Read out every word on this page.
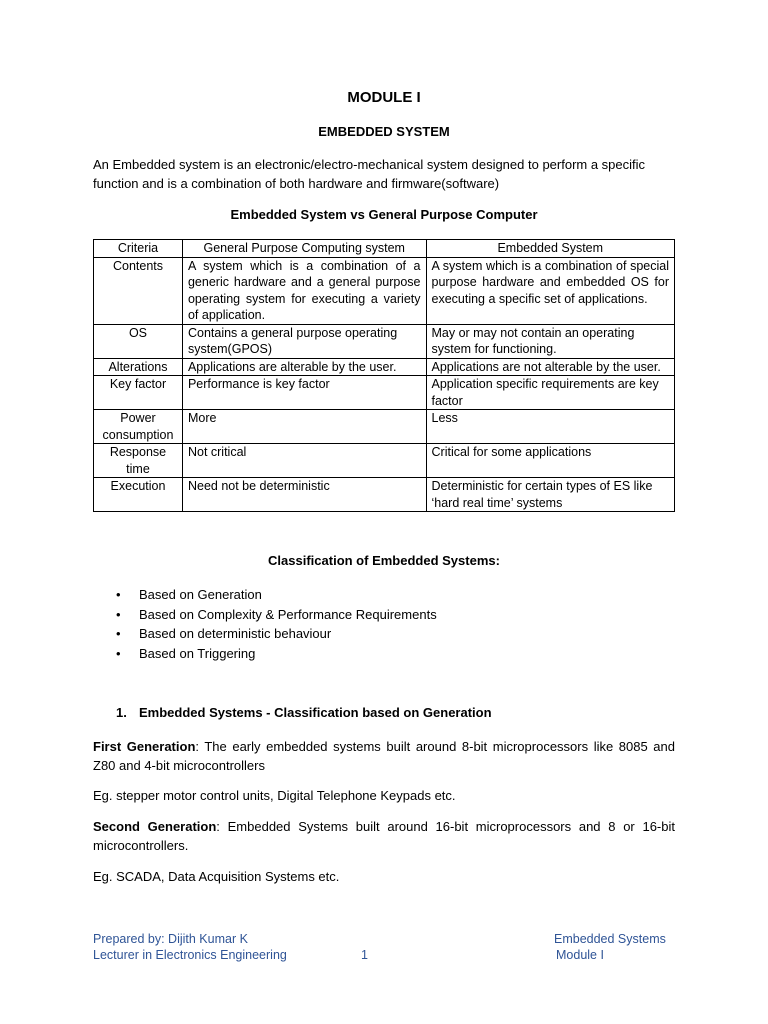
MODULE I
EMBEDDED SYSTEM
An Embedded system is an electronic/electro-mechanical system designed to perform a specific function and is a combination of both hardware and firmware(software)
Embedded System vs General Purpose Computer
Criteria	General Purpose Computing system	Embedded System
Contents	A system which is a combination of a generic hardware and a general purpose operating system for executing a variety of application.	A system which is a combination of special purpose hardware and embedded OS for executing a specific set of applications.
OS	Contains a general purpose operating system(GPOS)	May or may not contain an operating system for functioning.
Alterations	Applications are alterable by the user.	Applications are not alterable by the user.
Key factor	Performance is key factor	Application specific requirements are key factor
Power consumption	More	Less
Response time	Not critical	Critical for some applications
Execution	Need not be deterministic	Deterministic for certain types of ES like ‘hard real time’ systems
Classification of Embedded Systems:
• Based on Generation
• Based on Complexity & Performance Requirements
• Based on deterministic behaviour
• Based on Triggering
1. Embedded Systems - Classification based on Generation
First Generation: The early embedded systems built around 8-bit microprocessors like 8085 and Z80 and 4-bit microcontrollers
Eg. stepper motor control units, Digital Telephone Keypads etc.
Second Generation: Embedded Systems built around 16-bit microprocessors and 8 or 16-bit microcontrollers.
Eg. SCADA, Data Acquisition Systems etc.
Prepared by: Dijith Kumar K
Lecturer in Electronics Engineering	1
Embedded Systems
Module I
